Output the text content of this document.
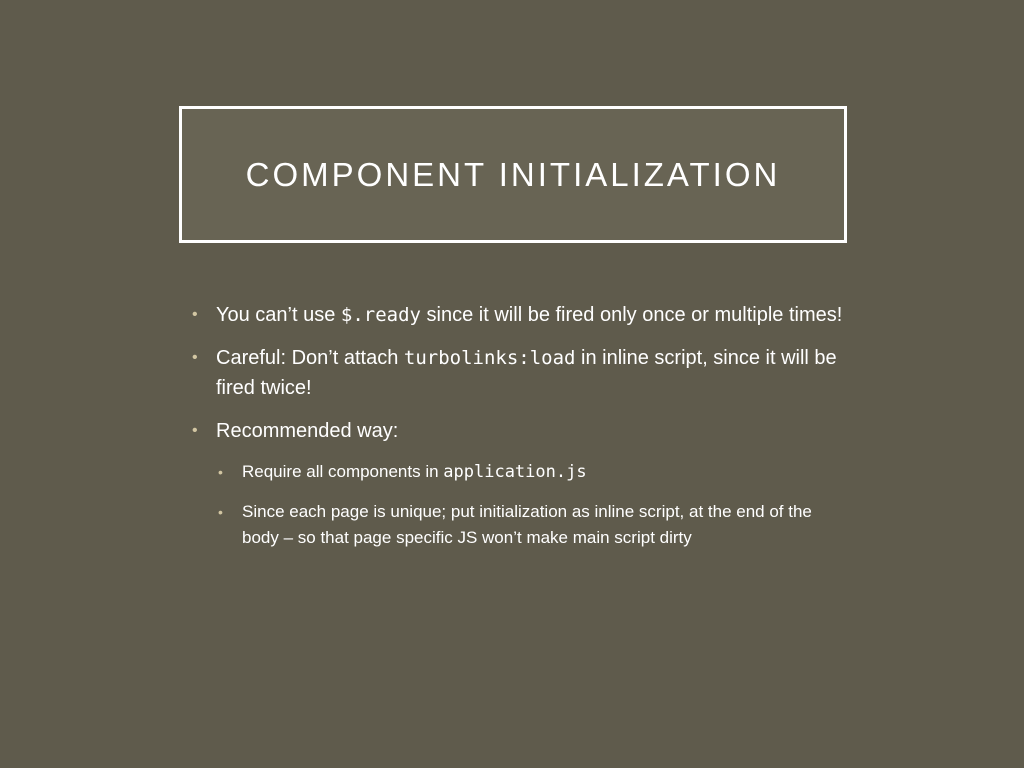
COMPONENT INITIALIZATION
• You can’t use $.ready since it will be fired only once or multiple times!
• Careful: Don’t attach turbolinks:load in inline script, since it will be fired twice!
• Recommended way:
• Require all components in application.js
• Since each page is unique; put initialization as inline script, at the end of the body – so that page specific JS won’t make main script dirty
